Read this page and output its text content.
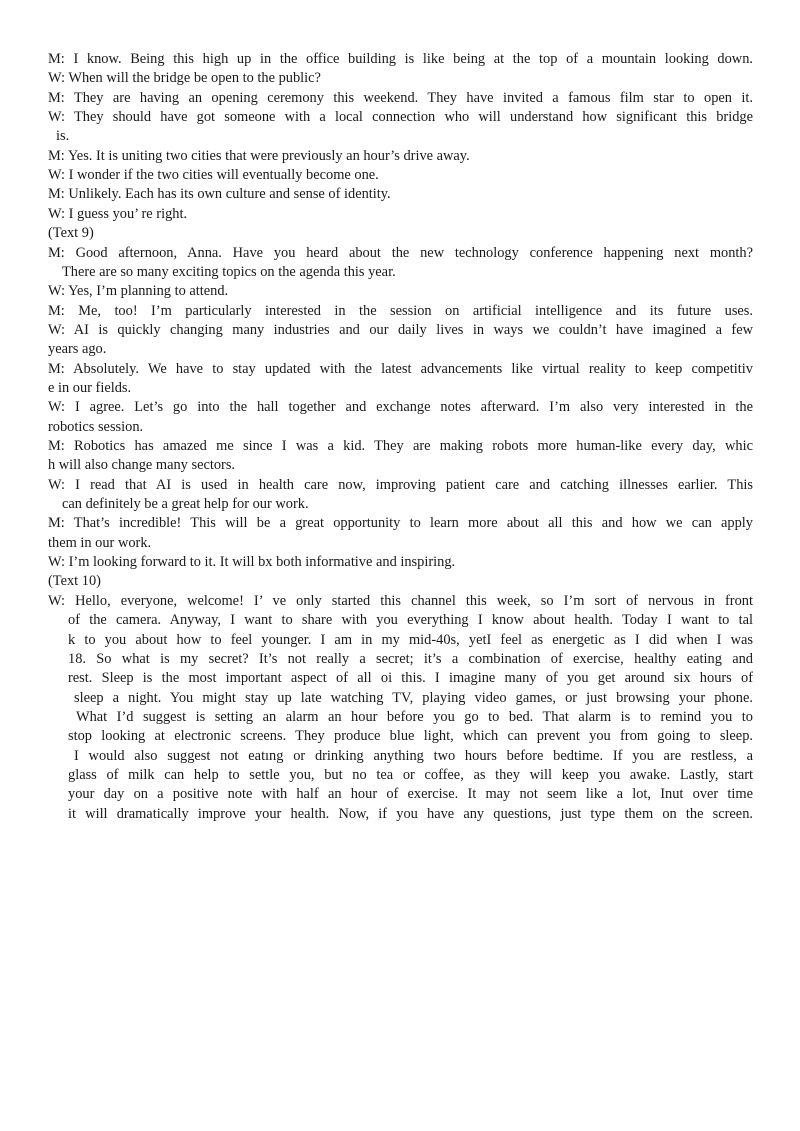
M: I know. Being this high up in the office building is like being at the top of a mountain looking down.
W: When will the bridge be open to the public?
M: They are having an opening ceremony this weekend. They have invited a famous film star to open it.
W: They should have got someone with a local connection who will understand how significant this bridge
is.
M: Yes. It is uniting two cities that were previously an hour’s drive away.
W: I wonder if the two cities will eventually become one.
M: Unlikely. Each has its own culture and sense of identity.
W: I guess you’ re right.
(Text 9)
M: Good afternoon, Anna. Have you heard about the new technology conference happening next month?
There are so many exciting topics on the agenda this year.
W: Yes, I’m planning to attend.
M: Me, too! I’m particularly interested in the session on artificial intelligence and its future uses.
W: AI is quickly changing many industries and our daily lives in ways we couldn’t have imagined a few
years ago.
M: Absolutely. We have to stay updated with the latest advancements like virtual reality to keep competitiv
e in our fields.
W: I agree. Let’s go into the hall together and exchange notes afterward. I’m also very interested in the
robotics session.
M: Robotics has amazed me since I was a kid. They are making robots more human-like every day, whic
h will also change many sectors.
W: I read that AI is used in health care now, improving patient care and catching illnesses earlier. This
can definitely be a great help for our work.
M: That’s incredible! This will be a great opportunity to learn more about all this and how we can apply
them in our work.
W: I’m looking forward to it. It will bx both informative and inspiring.
(Text 10)
W: Hello, everyone, welcome! I’ ve only started this channel this week, so I’m sort of nervous in front
of the camera. Anyway, I want to share with you everything I know about health. Today I want to tal
k to you about how to feel younger. I am in my mid-40s, yetI feel as energetic as I did when I was
18. So what is my secret? It’s not really a secret; it’s a combination of exercise, healthy eating and
rest. Sleep is the most important aspect of all oi this. I imagine many of you get around six hours of
sleep a night. You might stay up late watching TV, playing video games, or just browsing your phone.
What I’d suggest is setting an alarm an hour before you go to bed. That alarm is to remind you to
stop looking at electronic screens. They produce blue light, which can prevent you from going to sleep.
I would also suggest not eatıng or drinking anything two hours before bedtime. If you are restless, a
glass of milk can help to settle you, but no tea or coffee, as they will keep you awake. Lastly, start
your day on a positive note with half an hour of exercise. It may not seem like a lot, Inut over time
it will dramatically improve your health. Now, if you have any questions, just type them on the screen.
